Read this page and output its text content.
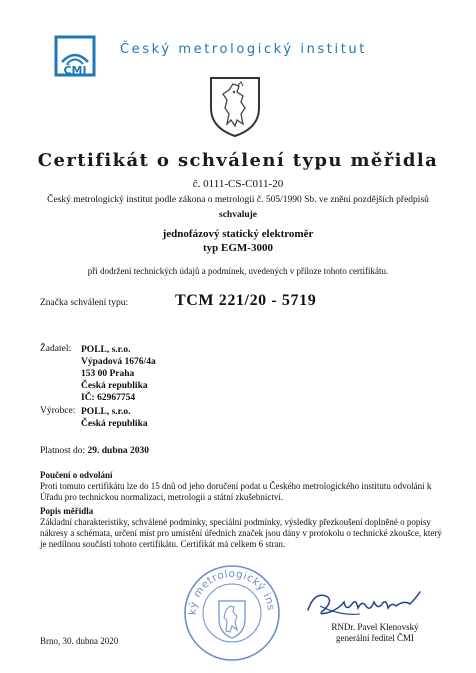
ČMI
Český metrologický institut
Certifikát o schválení typu měřidla
č. 0111-CS-C011-20
Český metrologický institut podle zákona o metrologii č. 505/1990 Sb. ve znění pozdějších předpisů
schvaluje
jednofázový statický elektroměr
typ EGM-3000
při dodržení technických údajů a podmínek, uvedených v příloze tohoto certifikátu.
Značka schválení typu:	TCM 221/20 - 5719
Žadatel: POLL, s.r.o.
Výpadová 1676/4a
153 00 Praha
Česká republika
IČ: 62967754
Výrobce: POLL, s.r.o.
Česká republika
Platnost do: 29. dubna 2030
Poučení o odvolání

Proti tomuto certifikátu lze do 15 dnů od jeho doručení podat u Českého metrologického institutu odvolání k Úřadu pro technickou normalizaci, metrologii a státní zkušebnictví.

Popis měřidla

Základní charakteristiky, schválené podmínky, speciální podmínky, výsledky přezkoušení doplněné o popisy nákresy a schémata, určení míst pro umístění úředních značek jsou dány v protokolu o technické zkoušce, který je nedílnou součástí tohoto certifikátu. Certifikát má celkem 6 stran.

ký metrologický ins
RNDr. Pavel Klenovský
generální ředitel ČMI
Brno, 30. dubna 2020
